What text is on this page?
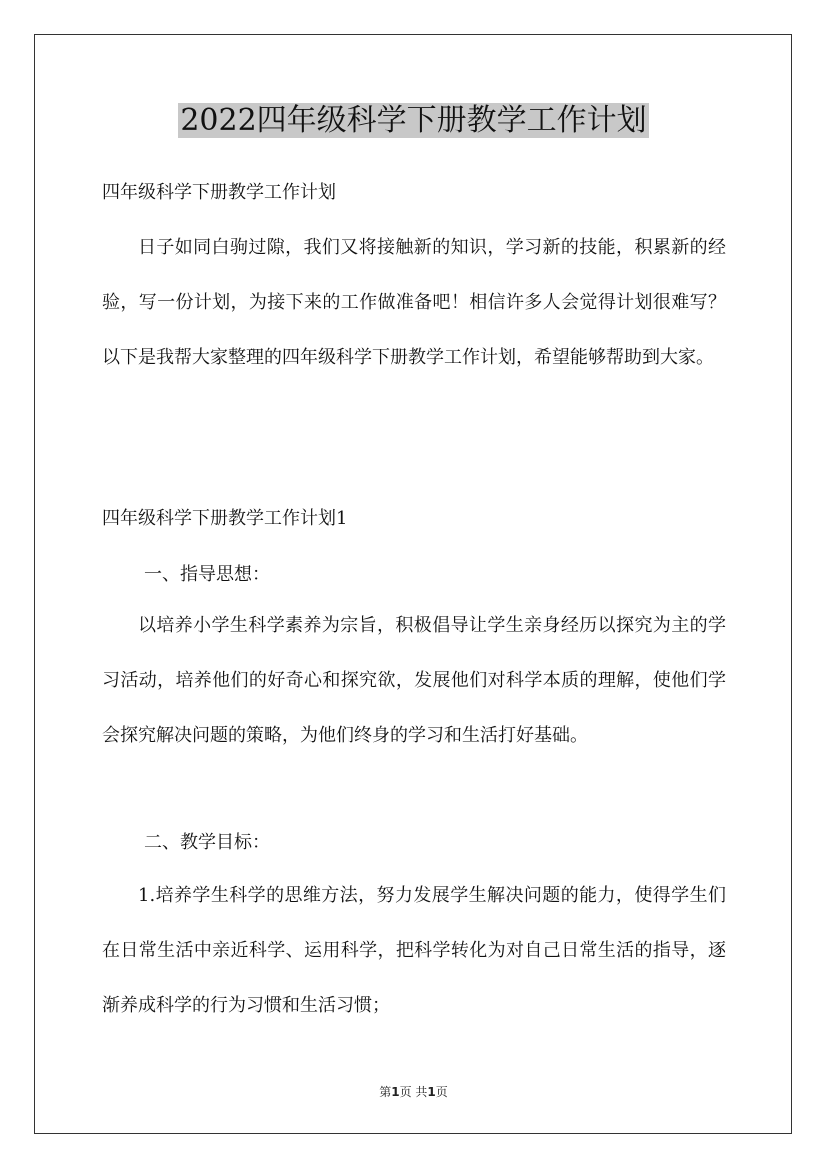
2022四年级科学下册教学工作计划
四年级科学下册教学工作计划
日子如同白驹过隙，我们又将接触新的知识，学习新的技能，积累新的经验，写一份计划，为接下来的工作做准备吧！相信许多人会觉得计划很难写？以下是我帮大家整理的四年级科学下册教学工作计划，希望能够帮助到大家。
四年级科学下册教学工作计划1
一、指导思想：
以培养小学生科学素养为宗旨，积极倡导让学生亲身经历以探究为主的学习活动，培养他们的好奇心和探究欲，发展他们对科学本质的理解，使他们学会探究解决问题的策略，为他们终身的学习和生活打好基础。
二、教学目标：
1.培养学生科学的思维方法，努力发展学生解决问题的能力，使得学生们在日常生活中亲近科学、运用科学，把科学转化为对自己日常生活的指导，逐渐养成科学的行为习惯和生活习惯；
第1页 共1页
